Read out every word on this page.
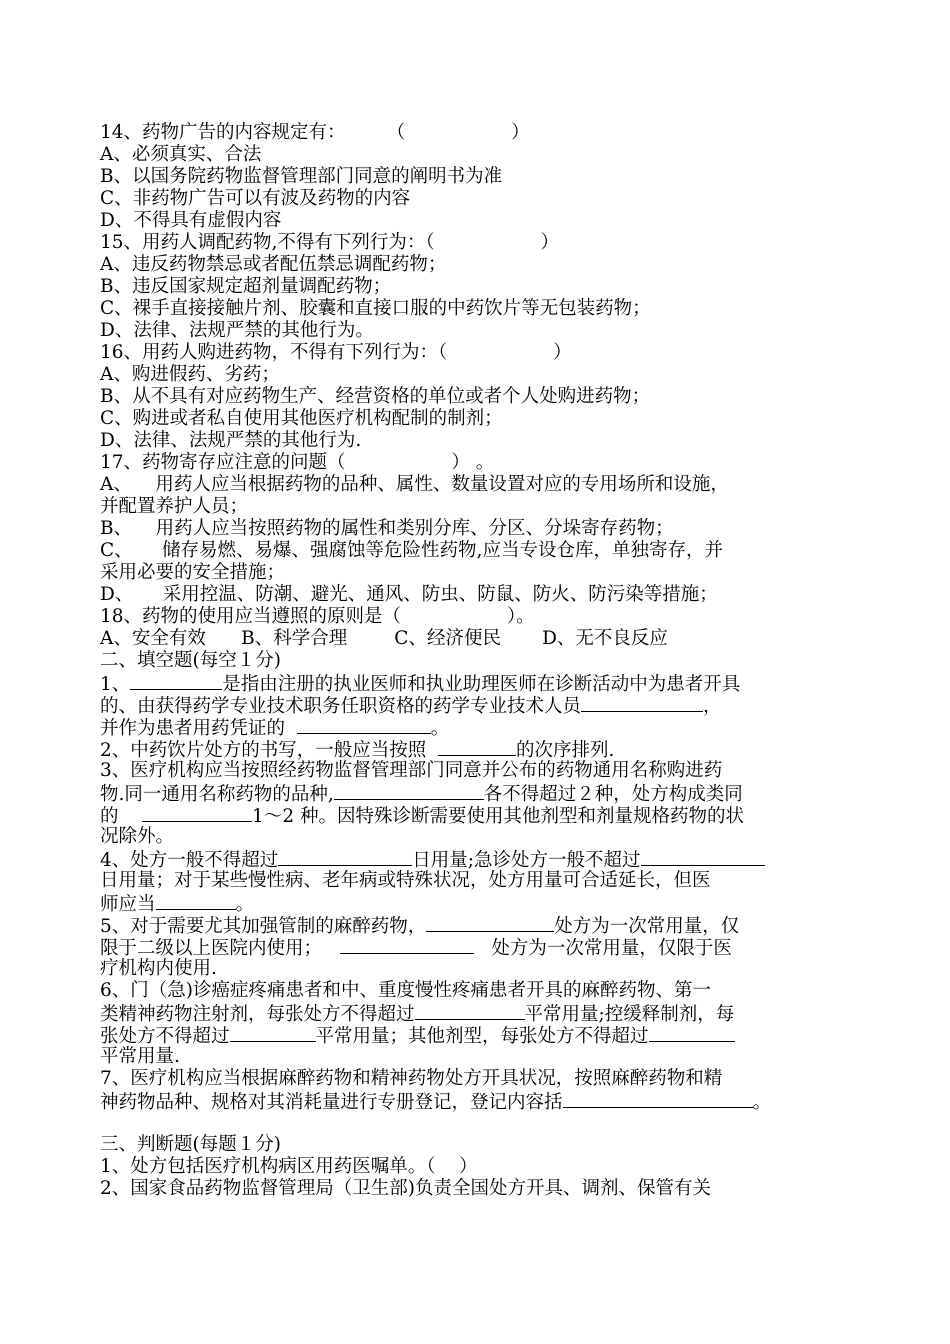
14、药物广告的内容规定有： （                  ）
A、必须真实、合法
B、以国务院药物监督管理部门同意的阐明书为准
C、非药物广告可以有波及药物的内容
D、不得具有虚假内容
15、用药人调配药物,不得有下列行为：（                  ）
A、违反药物禁忌或者配伍禁忌调配药物；
B、违反国家规定超剂量调配药物；
C、裸手直接接触片剂、胶囊和直接口服的中药饮片等无包装药物；
D、法律、法规严禁的其他行为。
16、用药人购进药物，不得有下列行为：（                  ）
A、购进假药、劣药；
B、从不具有对应药物生产、经营资格的单位或者个人处购进药物；
C、购进或者私自使用其他医疗机构配制的制剂；
D、法律、法规严禁的其他行为.
17、药物寄存应注意的问题（                  ） 。
A、    用药人应当根据药物的品种、属性、数量设置对应的专用场所和设施，
并配置养护人员；
B、    用药人应当按照药物的属性和类别分库、分区、分垛寄存药物；
C、     储存易燃、易爆、强腐蚀等危险性药物,应当专设仓库，单独寄存，并
采用必要的安全措施；
D、     采用控温、防潮、避光、通风、防虫、防鼠、防火、防污染等措施；
18、药物的使用应当遵照的原则是（                  ）。
A、安全有效      B、科学合理        C、经济便民       D、无不良反应
二、填空题(每空１分)
1、	是指由注册的执业医师和执业助理医师在诊断活动中为患者开具
的、由获得药学专业技术职务任职资格的药学专业技术人员	，
并作为患者用药凭证的	。
2、中药饮片处方的书写，一般应当按照	的次序排列.
3、医疗机构应当按照经药物监督管理部门同意并公布的药物通用名称购进药
物.同一通用名称药物的品种,	各不得超过２种，处方构成类同
的	1～2 种。因特殊诊断需要使用其他剂型和剂量规格药物的状
况除外。
4、处方一般不得超过	日用量;急诊处方一般不超过
日用量；对于某些慢性病、老年病或特殊状况，处方用量可合适延长，但医
师应当	。
5、对于需要尤其加强管制的麻醉药物，	处方为一次常用量，仅
限于二级以上医院内使用；	处方为一次常用量，仅限于医
疗机构内使用.
6、门（急)诊癌症疼痛患者和中、重度慢性疼痛患者开具的麻醉药物、第一
类精神药物注射剂，每张处方不得超过	平常用量;控缓释制剂，每
张处方不得超过	平常用量；其他剂型，每张处方不得超过
平常用量.
7、医疗机构应当根据麻醉药物和精神药物处方开具状况，按照麻醉药物和精
神药物品种、规格对其消耗量进行专册登记，登记内容括	。
三、判断题(每题１分)
1、处方包括医疗机构病区用药医嘱单。（    ）
2、国家食品药物监督管理局（卫生部)负责全国处方开具、调剂、保管有关
